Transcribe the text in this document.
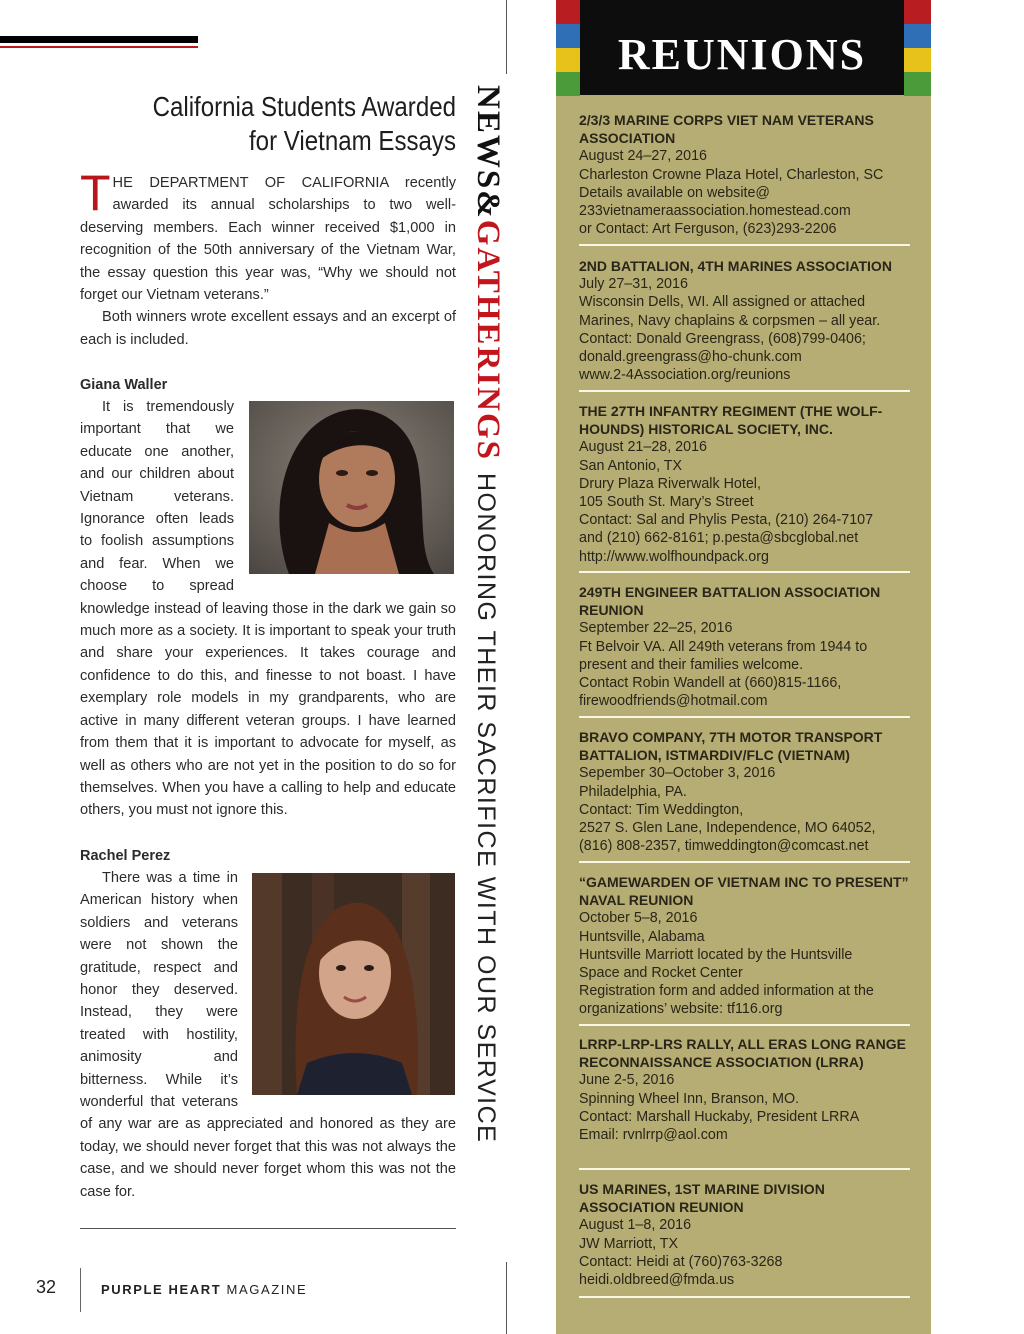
California Students Awarded
for Vietnam Essays

THE DEPARTMENT OF CALIFORNIA recently awarded its annual scholarships to two well-deserving members. Each winner received $1,000 in recognition of the 50th anniversary of the Vietnam War, the essay question this year was, “Why we should not forget our Vietnam veterans.”

Both winners wrote excellent essays and an excerpt of each is included.

Giana Waller

It is tremendously important that we educate one another, and our children about Vietnam veterans. Ignorance often leads to foolish assumptions and fear. When we choose to spread knowledge instead of leaving those in the dark we gain so much more as a society. It is important to speak your truth and share your experiences. It takes courage and confidence to do this, and finesse to not boast. I have exemplary role models in my grandparents, who are active in many different veteran groups. I have learned from them that it is important to advocate for myself, as well as others who are not yet in the position to do so for themselves. When you have a calling to help and educate others, you must not ignore this.

Rachel Perez

There was a time in American history when soldiers and veterans were not shown the gratitude, respect and honor they deserved. Instead, they were treated with hostility, animosity and bitterness. While it’s wonderful that veterans of any war are as appreciated and honored as they are today, we should never forget that this was not always the case, and we should never forget whom this was not the case for.

32	PURPLE HEART MAGAZINE
NEWS&GATHERINGSHONORING THEIR SACRIFICE WITH OUR SERVICE
REUNIONS
2/3/3 MARINE CORPS VIET NAM VETERANS ASSOCIATION
August 24–27, 2016
Charleston Crowne Plaza Hotel, Charleston, SC
Details available on website@
233vietnameraassociation.homestead.com
or Contact: Art Ferguson, (623)293-2206
2ND BATTALION, 4TH MARINES ASSOCIATION
July 27–31, 2016
Wisconsin Dells, WI. All assigned or attached
Marines, Navy chaplains & corpsmen – all year.
Contact: Donald Greengrass, (608)799-0406;
donald.greengrass@ho-chunk.com
www.2-4Association.org/reunions
THE 27TH INFANTRY REGIMENT (THE WOLF-HOUNDS) HISTORICAL SOCIETY, INC.
August 21–28, 2016
San Antonio, TX
Drury Plaza Riverwalk Hotel,
105 South St. Mary’s Street
Contact: Sal and Phylis Pesta, (210) 264-7107
and (210) 662-8161; p.pesta@sbcglobal.net
http://www.wolfhoundpack.org
249TH ENGINEER BATTALION ASSOCIATION REUNION
September 22–25, 2016
Ft Belvoir VA. All 249th veterans from 1944 to
present and their families welcome.
Contact Robin Wandell at (660)815-1166,
firewoodfriends@hotmail.com
BRAVO COMPANY, 7TH MOTOR TRANSPORT BATTALION, ISTMARDIV/FLC (VIETNAM)
Sepember 30–October 3, 2016
Philadelphia, PA.
Contact: Tim Weddington,
2527 S. Glen Lane, Independence, MO 64052,
(816) 808-2357, timweddington@comcast.net
“GAMEWARDEN OF VIETNAM INC TO PRESENT” NAVAL REUNION
October 5–8, 2016
Huntsville, Alabama
Huntsville Marriott located by the Huntsville
Space and Rocket Center
Registration form and added information at the
organizations’ website: tf116.org
LRRP-LRP-LRS RALLY, ALL ERAS LONG RANGE RECONNAISSANCE ASSOCIATION (LRRA)
June 2-5, 2016
Spinning Wheel Inn, Branson, MO.
Contact: Marshall Huckaby, President LRRA
Email: rvnlrrp@aol.com
US MARINES, 1ST MARINE DIVISION ASSOCIATION REUNION
August 1–8, 2016
JW Marriott, TX
Contact: Heidi at (760)763-3268
heidi.oldbreed@fmda.us
